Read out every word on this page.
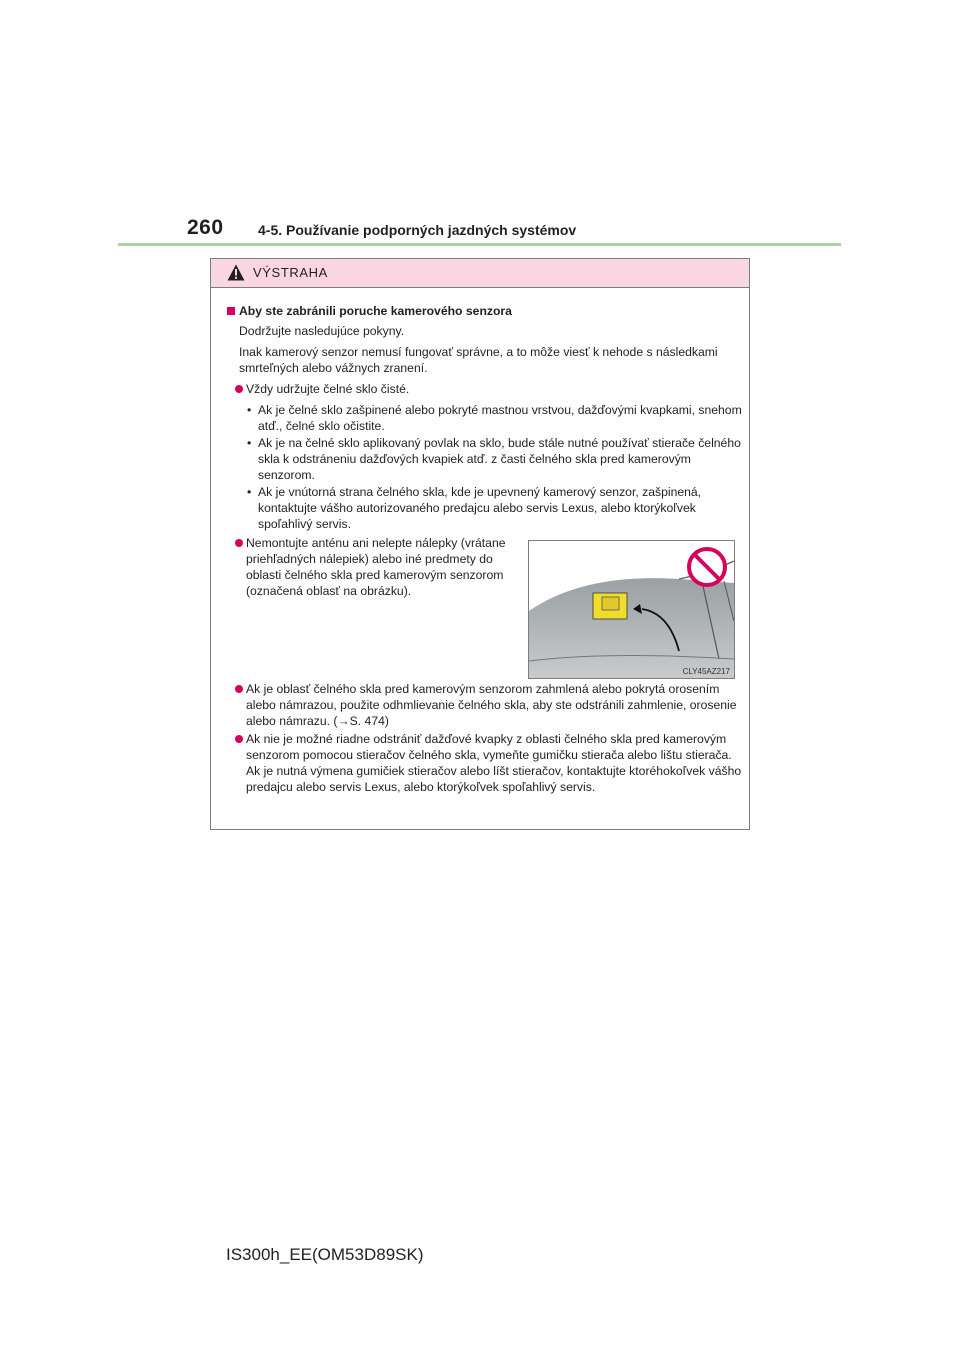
260 4-5. Používanie podporných jazdných systémov
VÝSTRAHA
Aby ste zabránili poruche kamerového senzora
Dodržujte nasledujúce pokyny.
Inak kamerový senzor nemusí fungovať správne, a to môže viesť k nehode s následkami smrteľných alebo vážnych zranení.
Vždy udržujte čelné sklo čisté.
• Ak je čelné sklo zašpinené alebo pokryté mastnou vrstvou, dažďovými kvapkami, snehom atď., čelné sklo očistite.
• Ak je na čelné sklo aplikovaný povlak na sklo, bude stále nutné používať stierače čelného skla k odstráneniu dažďových kvapiek atď. z časti čelného skla pred kamerovým senzorom.
• Ak je vnútorná strana čelného skla, kde je upevnený kamerový senzor, zašpinená, kontaktujte vášho autorizovaného predajcu alebo servis Lexus, alebo ktorýkoľvek spoľahlivý servis.
Nemontujte anténu ani nelepte nálepky (vrátane priehľadných nálepiek) alebo iné predmety do oblasti čelného skla pred kamerovým senzorom (označená oblasť na obrázku).
Ak je oblasť čelného skla pred kamerovým senzorom zahmlená alebo pokrytá orosením alebo námrazou, použite odhmlievanie čelného skla, aby ste odstránili zahmlenie, orosenie alebo námrazu. (→S. 474)
Ak nie je možné riadne odstrániť dažďové kvapky z oblasti čelného skla pred kamerovým senzorom pomocou stieračov čelného skla, vymeňte gumičku stierača alebo lištu stierača.
Ak je nutná výmena gumičiek stieračov alebo líšt stieračov, kontaktujte ktoréhokoľvek vášho predajcu alebo servis Lexus, alebo ktorýkoľvek spoľahlivý servis.
CLY45AZ217
IS300h_EE(OM53D89SK)
